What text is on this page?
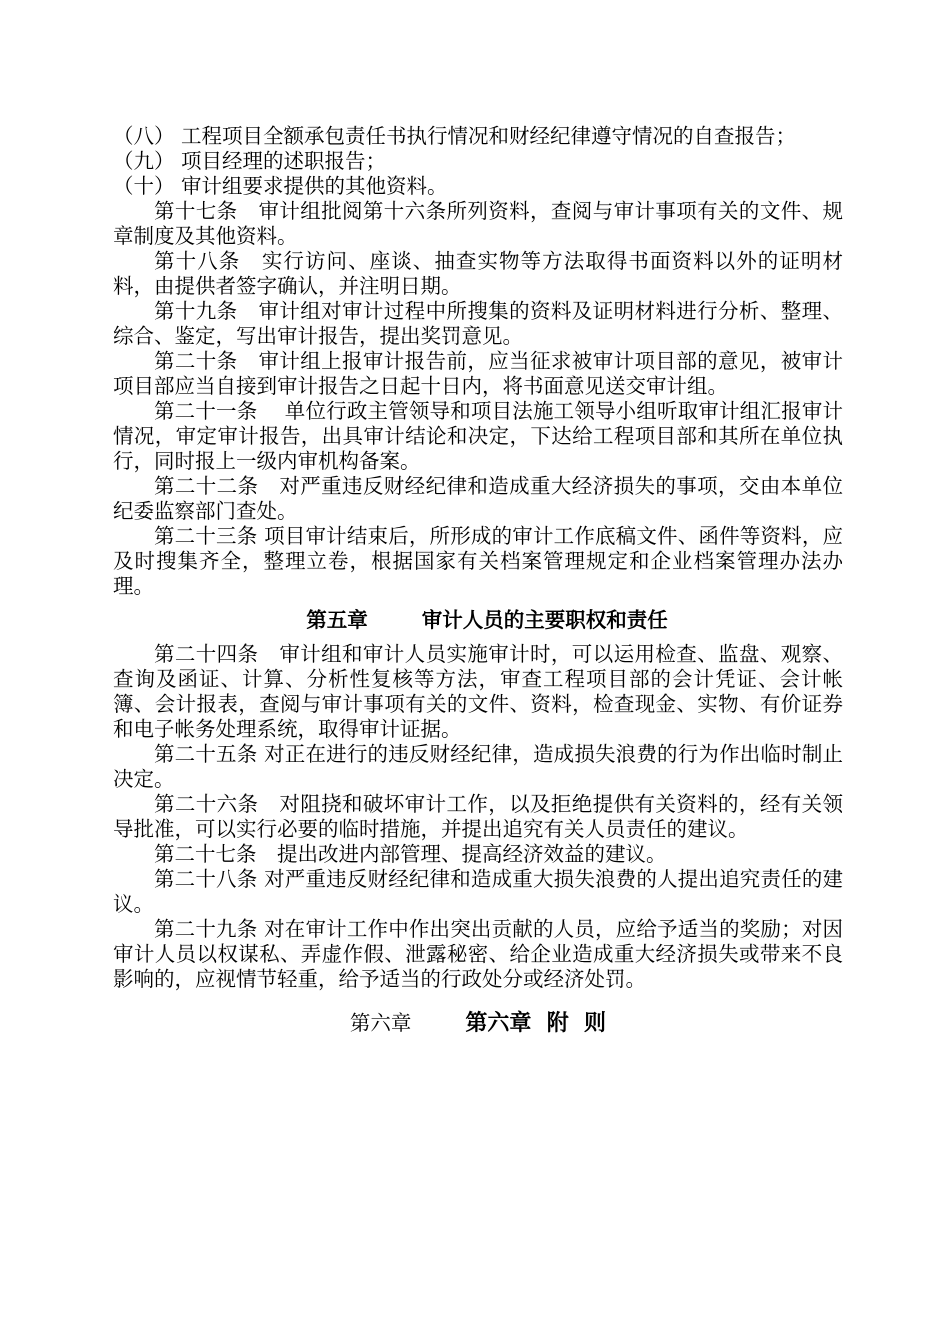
（八） 工程项目全额承包责任书执行情况和财经纪律遵守情况的自查报告；

（九） 项目经理的述职报告；

（十） 审计组要求提供的其他资料。

第十七条　审计组批阅第十六条所列资料，查阅与审计事项有关的文件、规章制度及其他资料。

第十八条　实行访问、座谈、抽查实物等方法取得书面资料以外的证明材料，由提供者签字确认，并注明日期。

第十九条　审计组对审计过程中所搜集的资料及证明材料进行分析、整理、综合、鉴定，写出审计报告，提出奖罚意见。

第二十条　审计组上报审计报告前，应当征求被审计项目部的意见，被审计项目部应当自接到审计报告之日起十日内，将书面意见送交审计组。

第二十一条　 单位行政主管领导和项目法施工领导小组听取审计组汇报审计情况，审定审计报告，出具审计结论和决定，下达给工程项目部和其所在单位执行，同时报上一级内审机构备案。

第二十二条　对严重违反财经纪律和造成重大经济损失的事项，交由本单位纪委监察部门查处。

第二十三条 项目审计结束后，所形成的审计工作底稿文件、函件等资料，应及时搜集齐全，整理立卷，根据国家有关档案管理规定和企业档案管理办法办理。

第五章	审计人员的主要职权和责任

第二十四条　审计组和审计人员实施审计时，可以运用检查、监盘、观察、查询及函证、计算、分析性复核等方法，审查工程项目部的会计凭证、会计帐簿、会计报表，查阅与审计事项有关的文件、资料，检查现金、实物、有价证券和电子帐务处理系统，取得审计证据。

第二十五条 对正在进行的违反财经纪律，造成损失浪费的行为作出临时制止决定。

第二十六条　对阻挠和破坏审计工作，以及拒绝提供有关资料的，经有关领导批准，可以实行必要的临时措施，并提出追究有关人员责任的建议。

第二十七条　提出改进内部管理、提高经济效益的建议。

第二十八条 对严重违反财经纪律和造成重大损失浪费的人提出追究责任的建议。

第二十九条 对在审计工作中作出突出贡献的人员，应给予适当的奖励；对因审计人员以权谋私、弄虚作假、泄露秘密、给企业造成重大经济损失或带来不良影响的，应视情节轻重，给予适当的行政处分或经济处罚。

第六章 第六章  附  则
